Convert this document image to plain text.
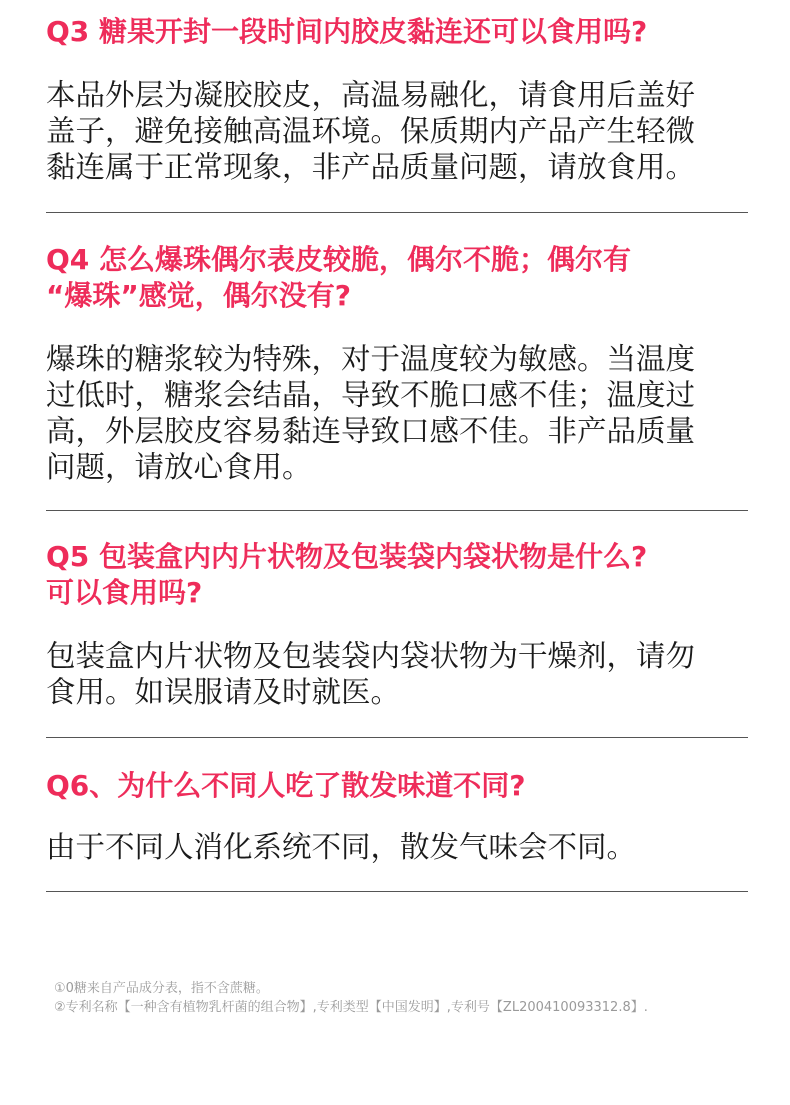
Q3 糖果开封一段时间内胶皮黏连还可以食用吗?

本品外层为凝胶胶皮，高温易融化，请食用后盖好
盖子，避免接触高温环境。保质期内产品产生轻微
黏连属于正常现象，非产品质量问题，请放食用。

Q4 怎么爆珠偶尔表皮较脆，偶尔不脆；偶尔有
“爆珠”感觉，偶尔没有?

爆珠的糖浆较为特殊，对于温度较为敏感。当温度
过低时，糖浆会结晶，导致不脆口感不佳；温度过
高，外层胶皮容易黏连导致口感不佳。非产品质量
问题，请放心食用。

Q5 包装盒内内片状物及包装袋内袋状物是什么?
可以食用吗?

包装盒内片状物及包装袋内袋状物为干燥剂，请勿
食用。如误服请及时就医。

Q6、为什么不同人吃了散发味道不同?

由于不同人消化系统不同，散发气味会不同。

①0糖来自产品成分表，指不含蔗糖。
②专利名称【一种含有植物乳杆菌的组合物】,专利类型【中国发明】,专利号【ZL200410093312.8】.
